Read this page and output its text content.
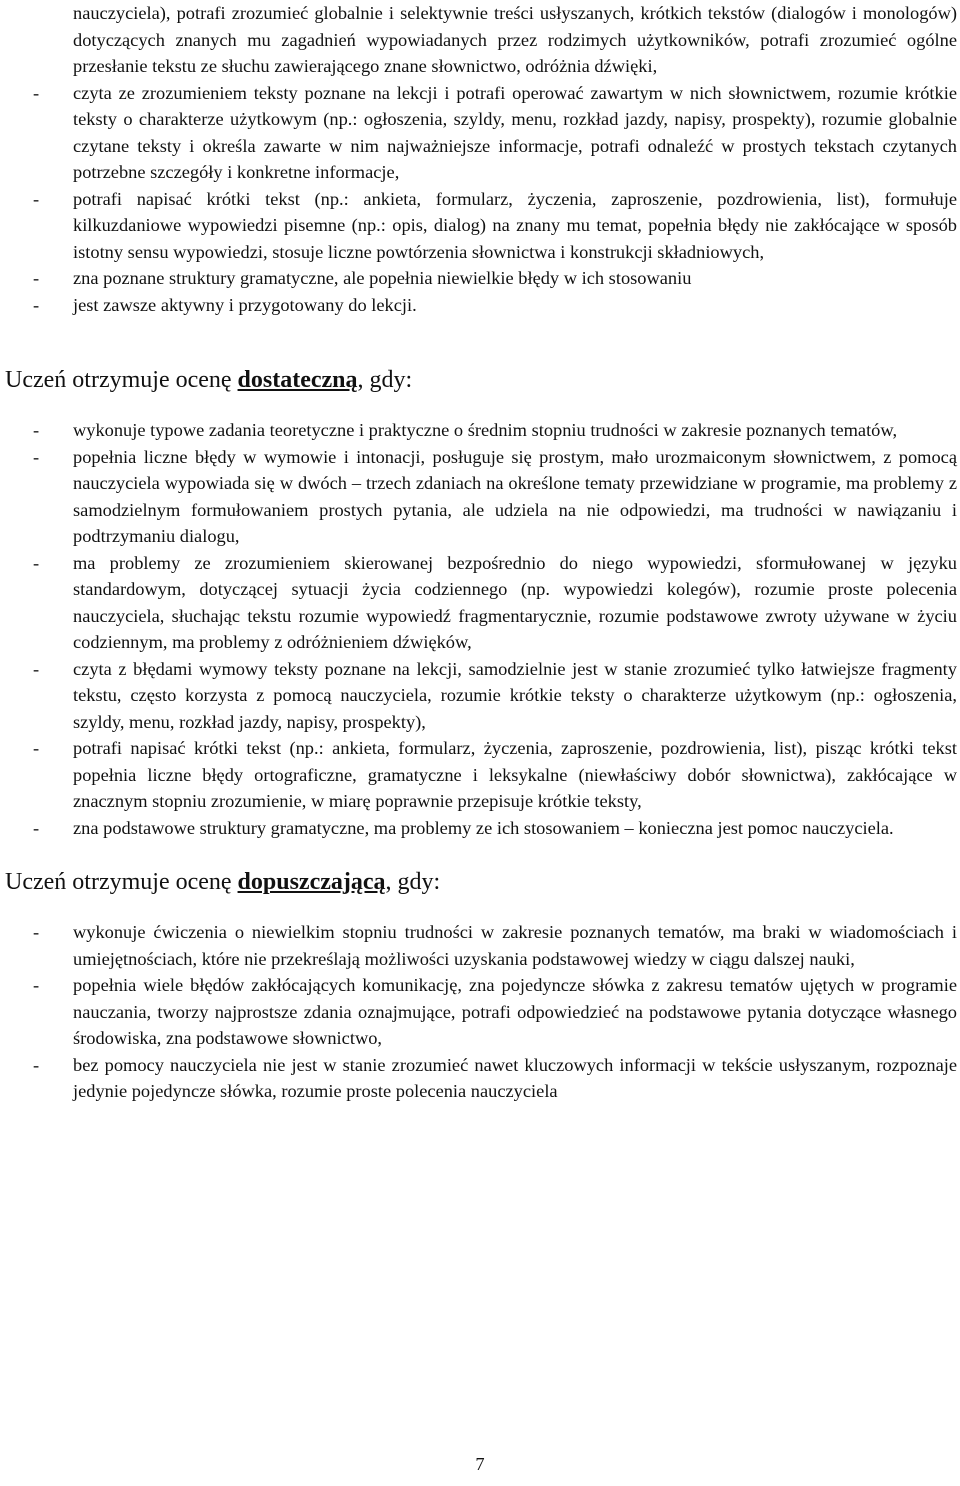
nauczyciela), potrafi zrozumieć globalnie i selektywnie treści usłyszanych, krótkich tekstów (dialogów i monologów) dotyczących znanych mu zagadnień wypowiadanych przez rodzimych użytkowników, potrafi zrozumieć ogólne przesłanie tekstu ze słuchu zawierającego znane słownictwo, odróżnia dźwięki,

- czyta ze zrozumieniem teksty poznane na lekcji i potrafi operować zawartym w nich słownictwem, rozumie krótkie teksty o charakterze użytkowym (np.: ogłoszenia, szyldy, menu, rozkład jazdy, napisy, prospekty), rozumie globalnie czytane teksty i określa zawarte w nim najważniejsze informacje, potrafi odnaleźć w prostych tekstach czytanych potrzebne szczegóły i konkretne informacje,
- potrafi napisać krótki tekst (np.: ankieta, formularz, życzenia, zaproszenie, pozdrowienia, list), formułuje kilkuzdaniowe wypowiedzi pisemne (np.: opis, dialog) na znany mu temat, popełnia błędy nie zakłócające w sposób istotny sensu wypowiedzi, stosuje liczne powtórzenia słownictwa i konstrukcji składniowych,
- zna poznane struktury gramatyczne, ale popełnia niewielkie błędy w ich stosowaniu
- jest zawsze aktywny i przygotowany do lekcji.
Uczeń otrzymuje ocenę dostateczną, gdy:
- wykonuje typowe zadania teoretyczne i praktyczne o średnim stopniu trudności w zakresie poznanych tematów,
- popełnia liczne błędy w wymowie i intonacji, posługuje się prostym, mało urozmaiconym słownictwem, z pomocą nauczyciela wypowiada się w dwóch – trzech zdaniach na określone tematy przewidziane w programie, ma problemy z samodzielnym formułowaniem prostych pytania, ale udziela na nie odpowiedzi, ma trudności w nawiązaniu i podtrzymaniu dialogu,
- ma problemy ze zrozumieniem skierowanej bezpośrednio do niego wypowiedzi, sformułowanej w języku standardowym, dotyczącej sytuacji życia codziennego (np. wypowiedzi kolegów), rozumie proste polecenia nauczyciela, słuchając tekstu rozumie wypowiedź fragmentarycznie, rozumie podstawowe zwroty używane w życiu codziennym, ma problemy z odróżnieniem dźwięków,
- czyta z błędami wymowy teksty poznane na lekcji, samodzielnie jest w stanie zrozumieć tylko łatwiejsze fragmenty tekstu, często korzysta z pomocą nauczyciela, rozumie krótkie teksty o charakterze użytkowym (np.: ogłoszenia, szyldy, menu, rozkład jazdy, napisy, prospekty),
- potrafi napisać krótki tekst (np.: ankieta, formularz, życzenia, zaproszenie, pozdrowienia, list), pisząc krótki tekst popełnia liczne błędy ortograficzne, gramatyczne i leksykalne (niewłaściwy dobór słownictwa), zakłócające w znacznym stopniu zrozumienie, w miarę poprawnie przepisuje krótkie teksty,
- zna podstawowe struktury gramatyczne, ma problemy ze ich stosowaniem – konieczna jest pomoc nauczyciela.
Uczeń otrzymuje ocenę dopuszczającą, gdy:
- wykonuje ćwiczenia o niewielkim stopniu trudności w zakresie poznanych tematów, ma braki w wiadomościach i umiejętnościach, które nie przekreślają możliwości uzyskania podstawowej wiedzy w ciągu dalszej nauki,
- popełnia wiele błędów zakłócających komunikację, zna pojedyncze słówka z zakresu tematów ujętych w programie nauczania, tworzy najprostsze zdania oznajmujące, potrafi odpowiedzieć na podstawowe pytania dotyczące własnego środowiska, zna podstawowe słownictwo,
- bez pomocy nauczyciela nie jest w stanie zrozumieć nawet kluczowych informacji w tekście usłyszanym, rozpoznaje jedynie pojedyncze słówka, rozumie proste polecenia nauczyciela
7
